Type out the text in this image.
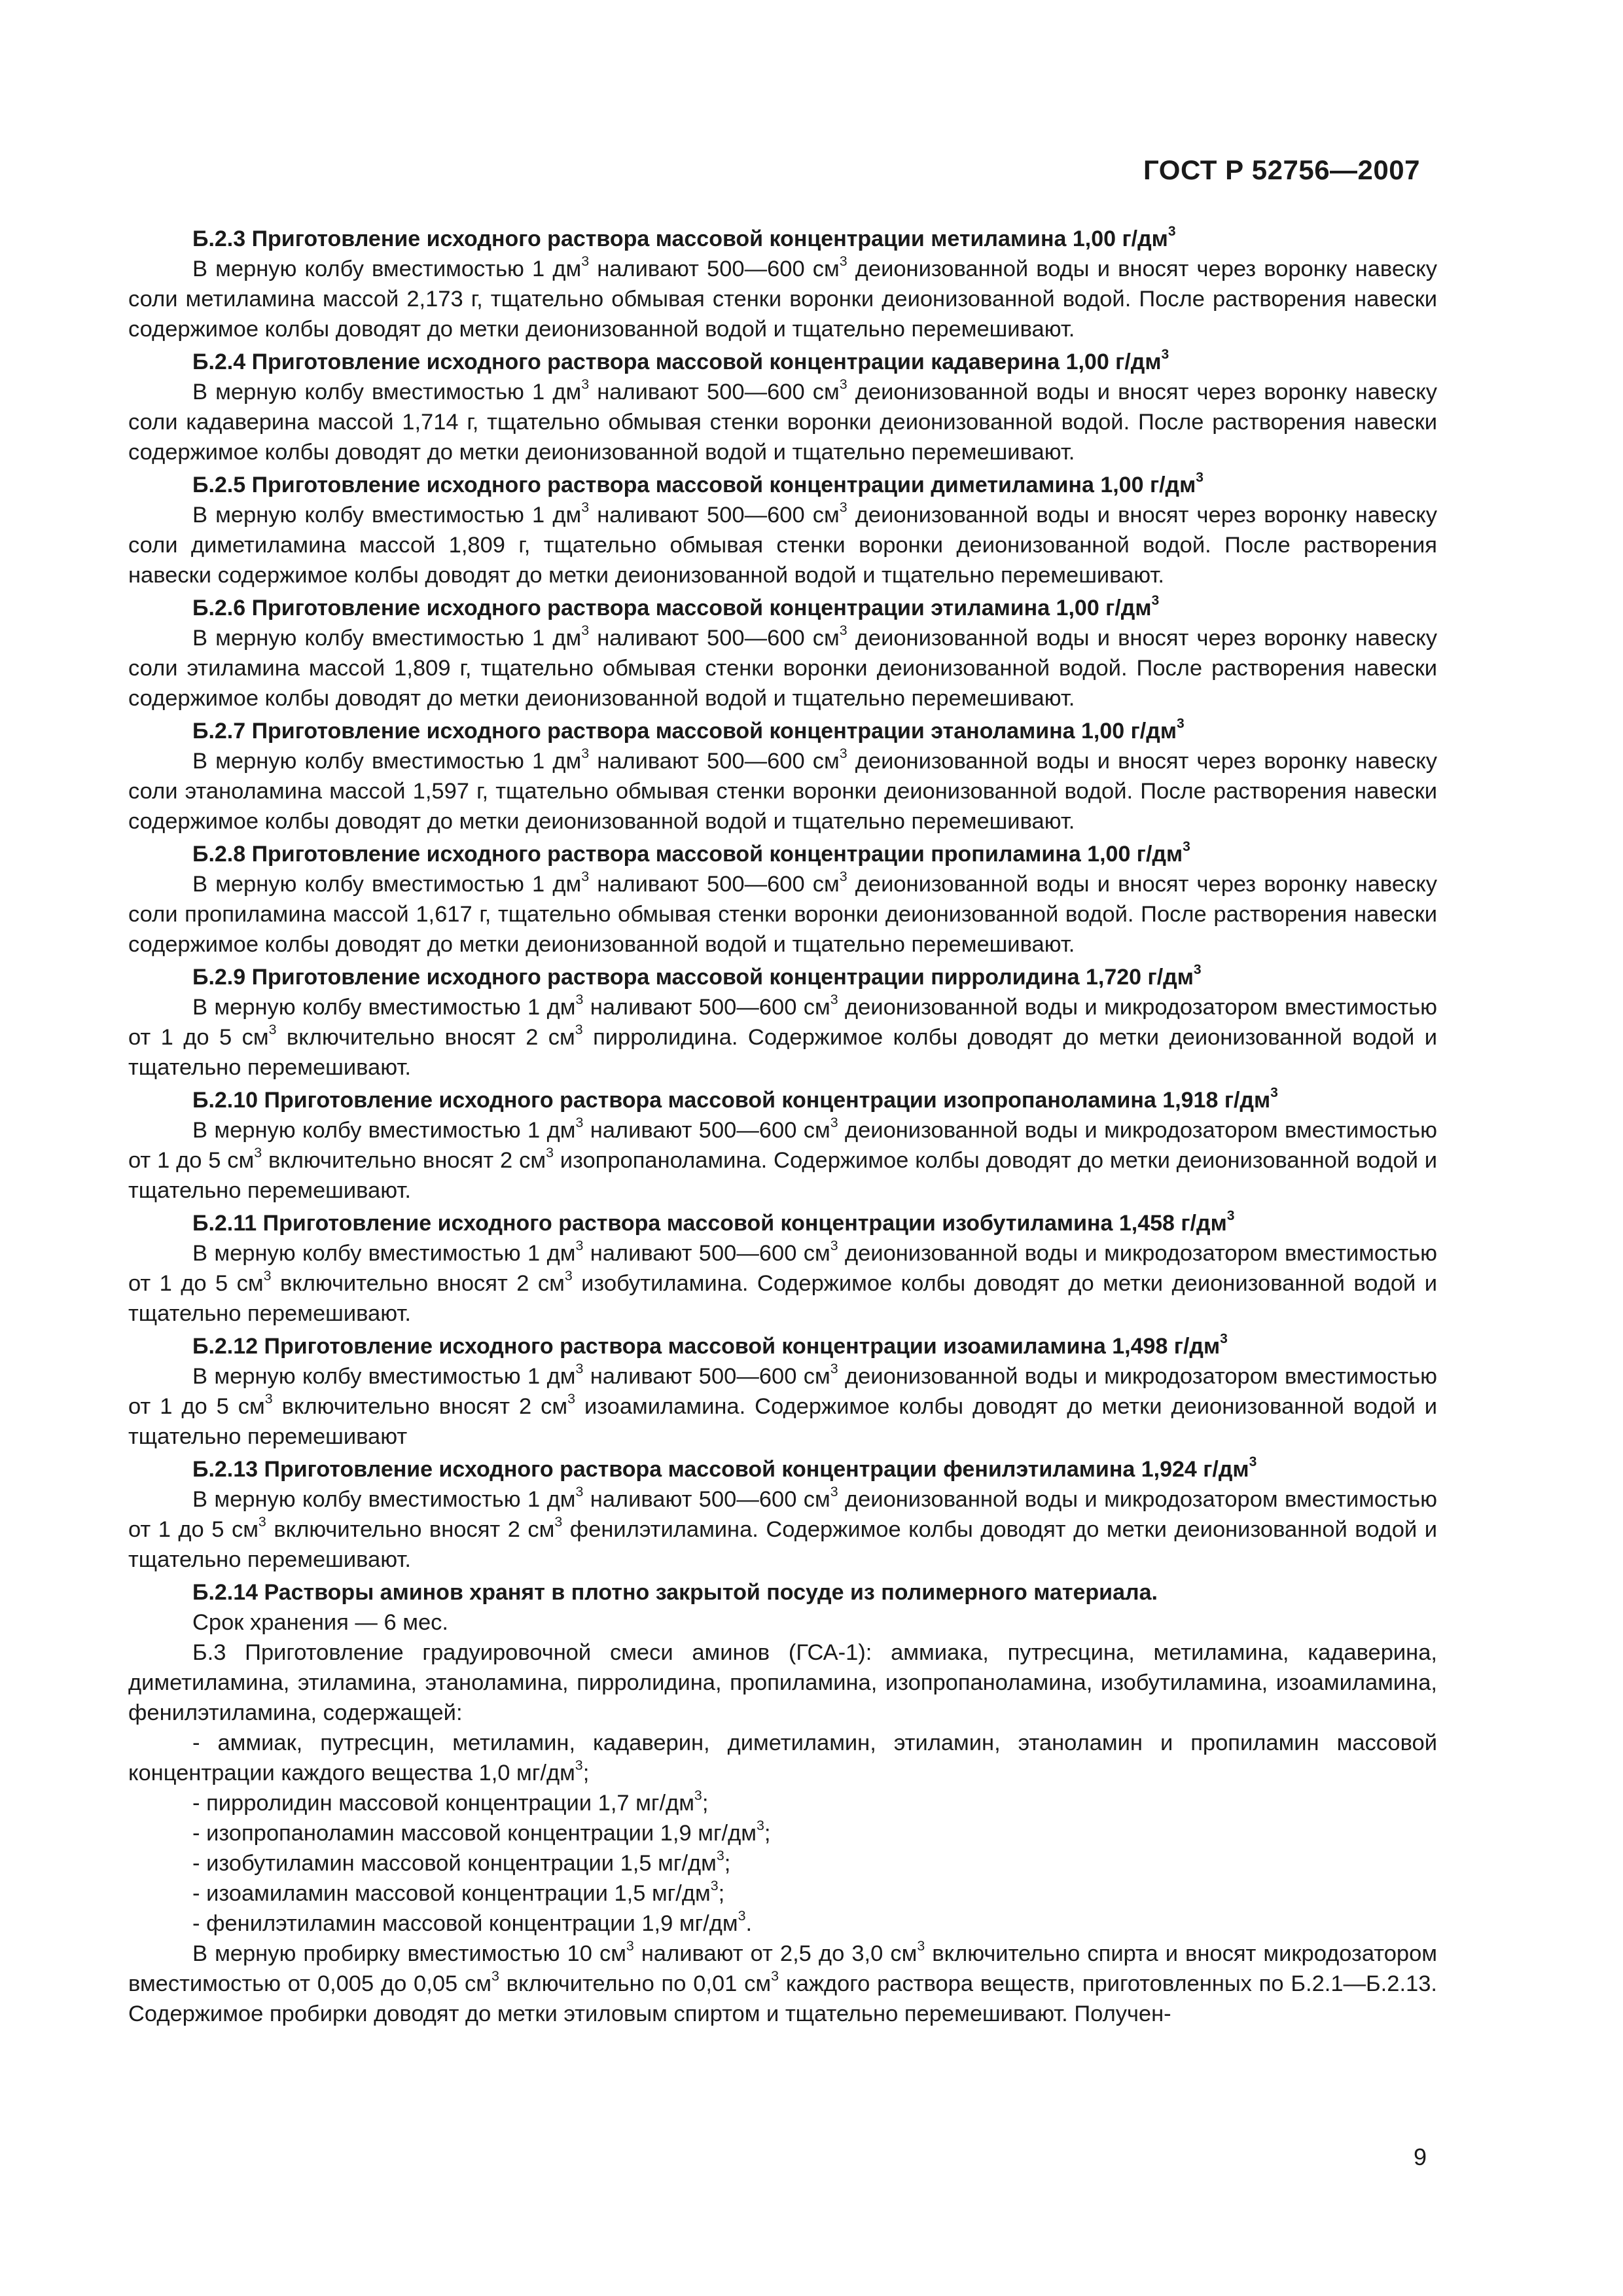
ГОСТ Р 52756—2007

Б.2.3 Приготовление исходного раствора массовой концентрации метиламина 1,00 $г/дм^3$

В мерную колбу вместимостью 1 $дм^3$ наливают 500—600 $см^3$ деионизованной воды и вносят через воронку навеску соли метиламина массой 2,173 г, тщательно обмывая стенки воронки деионизованной водой. После растворения навески содержимое колбы доводят до метки деионизованной водой и тщательно перемешивают.

Б.2.4 Приготовление исходного раствора массовой концентрации кадаверина 1,00 $г/дм^3$

В мерную колбу вместимостью 1 $дм^3$ наливают 500—600 $см^3$ деионизованной воды и вносят через воронку навеску соли кадаверина массой 1,714 г, тщательно обмывая стенки воронки деионизованной водой. После растворения навески содержимое колбы доводят до метки деионизованной водой и тщательно перемешивают.

Б.2.5 Приготовление исходного раствора массовой концентрации диметиламина 1,00 $г/дм^3$

В мерную колбу вместимостью 1 $дм^3$ наливают 500—600 $см^3$ деионизованной воды и вносят через воронку навеску соли диметиламина массой 1,809 г, тщательно обмывая стенки воронки деионизованной водой. После растворения навески содержимое колбы доводят до метки деионизованной водой и тщательно перемешивают.

Б.2.6 Приготовление исходного раствора массовой концентрации этиламина 1,00 $г/дм^3$

В мерную колбу вместимостью 1 $дм^3$ наливают 500—600 $см^3$ деионизованной воды и вносят через воронку навеску соли этиламина массой 1,809 г, тщательно обмывая стенки воронки деионизованной водой. После растворения навески содержимое колбы доводят до метки деионизованной водой и тщательно перемешивают.

Б.2.7 Приготовление исходного раствора массовой концентрации этаноламина 1,00 $г/дм^3$

В мерную колбу вместимостью 1 $дм^3$ наливают 500—600 $см^3$ деионизованной воды и вносят через воронку навеску соли этаноламина массой 1,597 г, тщательно обмывая стенки воронки деионизованной водой. После растворения навески содержимое колбы доводят до метки деионизованной водой и тщательно перемешивают.

Б.2.8 Приготовление исходного раствора массовой концентрации пропиламина 1,00 $г/дм^3$

В мерную колбу вместимостью 1 $дм^3$ наливают 500—600 $см^3$ деионизованной воды и вносят через воронку навеску соли пропиламина массой 1,617 г, тщательно обмывая стенки воронки деионизованной водой. После растворения навески содержимое колбы доводят до метки деионизованной водой и тщательно перемешивают.

Б.2.9 Приготовление исходного раствора массовой концентрации пирролидина 1,720 $г/дм^3$

В мерную колбу вместимостью 1 $дм^3$ наливают 500—600 $см^3$ деионизованной воды и микродозатором вместимостью от 1 до 5 $см^3$ включительно вносят 2 $см^3$ пирролидина. Содержимое колбы доводят до метки деионизованной водой и тщательно перемешивают.

Б.2.10 Приготовление исходного раствора массовой концентрации изопропаноламина 1,918 $г/дм^3$

В мерную колбу вместимостью 1 $дм^3$ наливают 500—600 $см^3$ деионизованной воды и микродозатором вместимостью от 1 до 5 $см^3$ включительно вносят 2 $см^3$ изопропаноламина. Содержимое колбы доводят до метки деионизованной водой и тщательно перемешивают.

Б.2.11 Приготовление исходного раствора массовой концентрации изобутиламина 1,458 $г/дм^3$

В мерную колбу вместимостью 1 $дм^3$ наливают 500—600 $см^3$ деионизованной воды и микродозатором вместимостью от 1 до 5 $см^3$ включительно вносят 2 $см^3$ изобутиламина. Содержимое колбы доводят до метки деионизованной водой и тщательно перемешивают.

Б.2.12 Приготовление исходного раствора массовой концентрации изоамиламина 1,498 $г/дм^3$

В мерную колбу вместимостью 1 $дм^3$ наливают 500—600 $см^3$ деионизованной воды и микродозатором вместимостью от 1 до 5 $см^3$ включительно вносят 2 $см^3$ изоамиламина. Содержимое колбы доводят до метки деионизованной водой и тщательно перемешивают

Б.2.13 Приготовление исходного раствора массовой концентрации фенилэтиламина 1,924 $г/дм^3$

В мерную колбу вместимостью 1 $дм^3$ наливают 500—600 $см^3$ деионизованной воды и микродозатором вместимостью от 1 до 5 $см^3$ включительно вносят 2 $см^3$ фенилэтиламина. Содержимое колбы доводят до метки деионизованной водой и тщательно перемешивают.

Б.2.14 Растворы аминов хранят в плотно закрытой посуде из полимерного материала.

Срок хранения — 6 мес.

Б.3 Приготовление градуировочной смеси аминов (ГСА-1): аммиака, путресцина, метиламина, кадаверина, диметиламина, этиламина, этаноламина, пирролидина, пропиламина, изопропаноламина, изобутиламина, изоамиламина, фенилэтиламина, содержащей:

- аммиак, путресцин, метиламин, кадаверин, диметиламин, этиламин, этаноламин и пропиламин массовой концентрации каждого вещества 1,0 $мг/дм^3$;

- пирролидин массовой концентрации 1,7 $мг/дм^3$;

- изопропаноламин массовой концентрации 1,9 $мг/дм^3$;

- изобутиламин массовой концентрации 1,5 $мг/дм^3$;

- изоамиламин массовой концентрации 1,5 $мг/дм^3$;

- фенилэтиламин массовой концентрации 1,9 $мг/дм^3$.

В мерную пробирку вместимостью 10 $см^3$ наливают от 2,5 до 3,0 $см^3$ включительно спирта и вносят микродозатором вместимостью от 0,005 до 0,05 $см^3$ включительно по 0,01 $см^3$ каждого раствора веществ, приготовленных по Б.2.1—Б.2.13. Содержимое пробирки доводят до метки этиловым спиртом и тщательно перемешивают. Получен-

9
